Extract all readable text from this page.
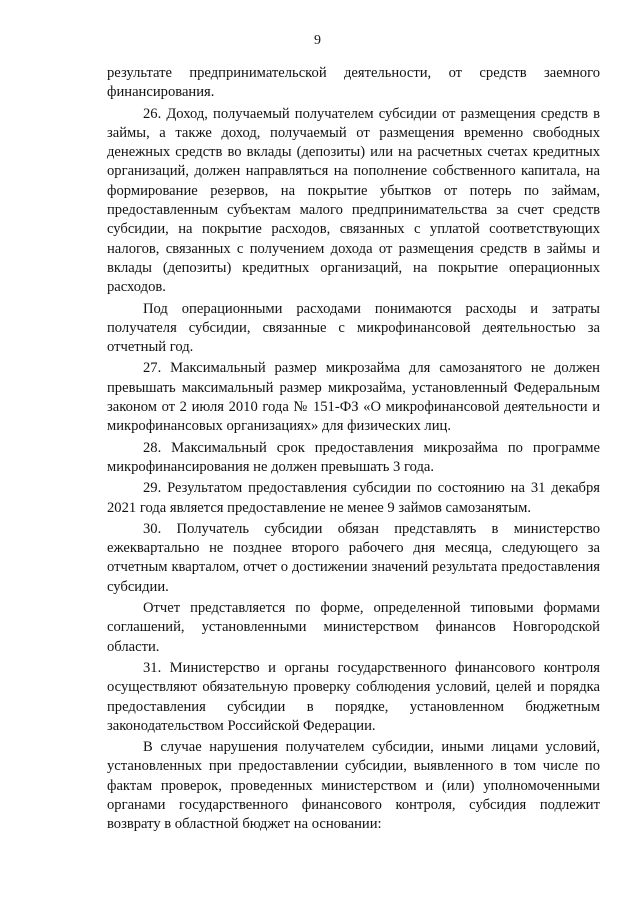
9

результате предпринимательской деятельности, от средств заемного финансирования.

26. Доход, получаемый получателем субсидии от размещения средств в займы, а также доход, получаемый от размещения временно свободных денежных средств во вклады (депозиты) или на расчетных счетах кредитных организаций, должен направляться на пополнение собственного капитала, на формирование резервов, на покрытие убытков от потерь по займам, предоставленным субъектам малого предпринимательства за счет средств субсидии, на покрытие расходов, связанных с уплатой соответствующих налогов, связанных с получением дохода от размещения средств в займы и вклады (депозиты) кредитных организаций, на покрытие операционных расходов.

Под операционными расходами понимаются расходы и затраты получателя субсидии, связанные с микрофинансовой деятельностью за отчетный год.

27. Максимальный размер микрозайма для самозанятого не должен превышать максимальный размер микрозайма, установленный Федеральным законом от 2 июля 2010 года № 151-ФЗ «О микрофинансовой деятельности и микрофинансовых организациях» для физических лиц.

28. Максимальный срок предоставления микрозайма по программе микрофинансирования не должен превышать 3 года.

29. Результатом предоставления субсидии по состоянию на 31 декабря 2021 года является предоставление не менее 9 займов самозанятым.

30. Получатель субсидии обязан представлять в министерство ежеквартально не позднее второго рабочего дня месяца, следующего за отчетным кварталом, отчет о достижении значений результата предоставления субсидии.

Отчет представляется по форме, определенной типовыми формами соглашений, установленными министерством финансов Новгородской области.

31. Министерство и органы государственного финансового контроля осуществляют обязательную проверку соблюдения условий, целей и порядка предоставления субсидии в порядке, установленном бюджетным законодательством Российской Федерации.

В случае нарушения получателем субсидии, иными лицами условий, установленных при предоставлении субсидии, выявленного в том числе по фактам проверок, проведенных министерством и (или) уполномоченными органами государственного финансового контроля, субсидия подлежит возврату в областной бюджет на основании:
